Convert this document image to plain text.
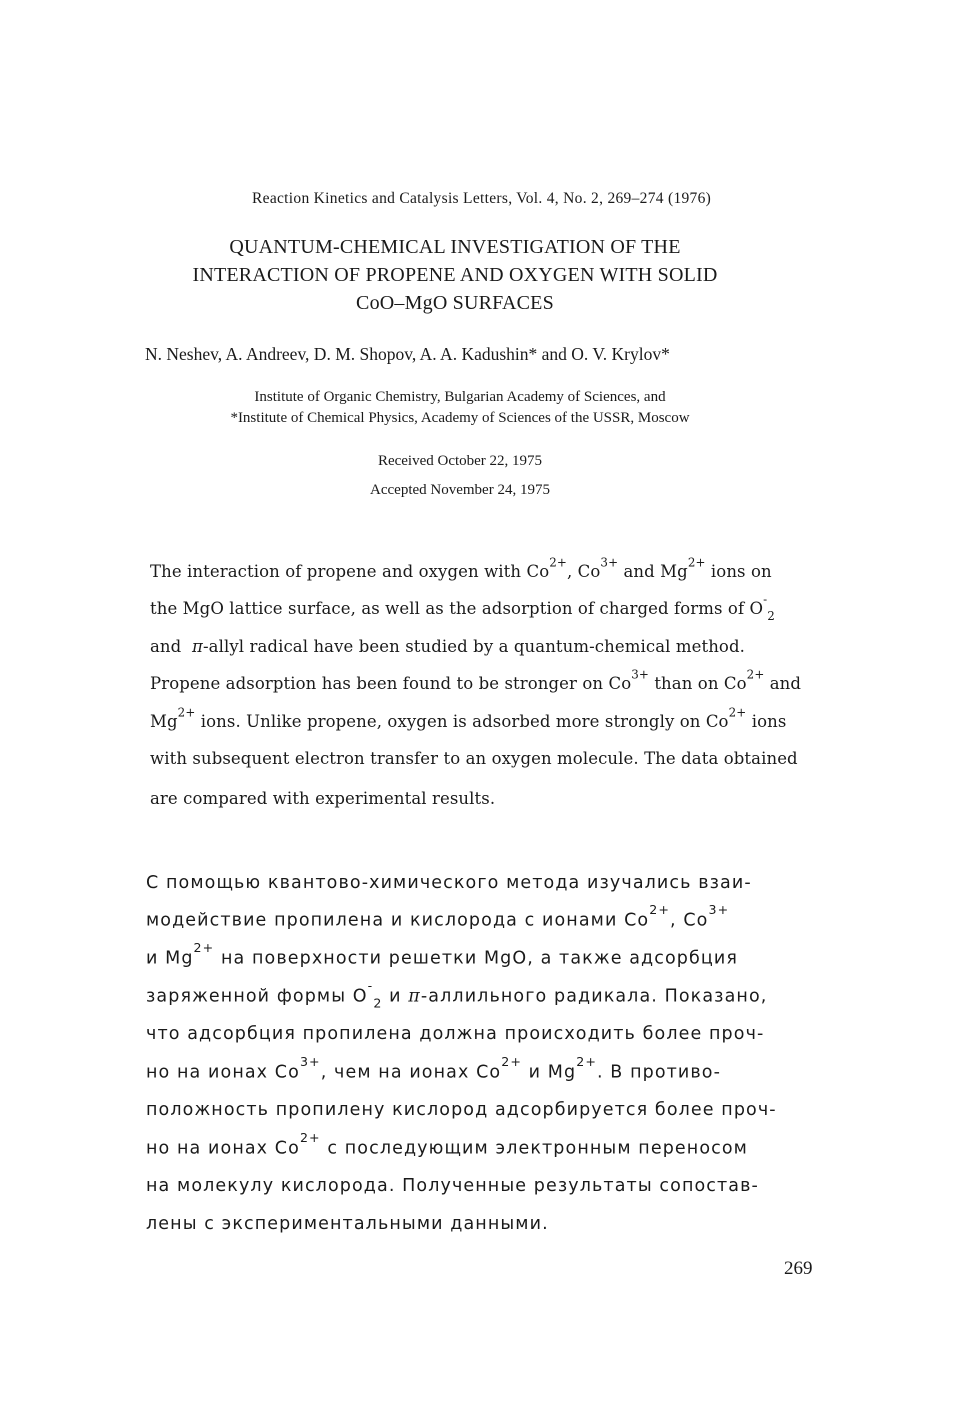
Reaction Kinetics and Catalysis Letters, Vol. 4, No. 2, 269–274 (1976)
QUANTUM-CHEMICAL INVESTIGATION OF THE
INTERACTION OF PROPENE AND OXYGEN WITH SOLID
CoO–MgO SURFACES
N. Neshev, A. Andreev, D. M. Shopov, A. A. Kadushin* and O. V. Krylov*
Institute of Organic Chemistry, Bulgarian Academy of Sciences, and
*Institute of Chemical Physics, Academy of Sciences of the USSR, Moscow
Received October 22, 1975
Accepted November 24, 1975
The interaction of propene and oxygen with $Co^{2+}$, $Co^{3+}$ and $Mg^{2+}$ ions on
the MgO lattice surface, as well as the adsorption of charged forms of $O^-_2$
and π-allyl radical have been studied by a quantum-chemical method.
Propene adsorption has been found to be stronger on $Co^{3+}$ than on $Co^{2+}$ and
$Mg^{2+}$ ions. Unlike propene, oxygen is adsorbed more strongly on $Co^{2+}$ ions
with subsequent electron transfer to an oxygen molecule. The data obtained
are compared with experimental results.
С помощью квантово-химического метода изучались взаи-
модействие пропилена и кислорода с ионами $Co^{2+}$, $Co^{3+}$
и $Mg^{2+}$ на поверхности решетки MgO, а также адсорбция
заряженной формы $O^-_2$ и π-аллильного радикала. Показано,
что адсорбция пропилена должна происходить более проч-
но на ионах $Co^{3+}$, чем на ионах $Co^{2+}$ и $Mg^{2+}$. В противо-
положность пропилену кислород адсорбируется более проч-
но на ионах $Co^{2+}$ с последующим электронным переносом
на молекулу кислорода. Полученные результаты сопостав-
лены с экспериментальными данными.
269
